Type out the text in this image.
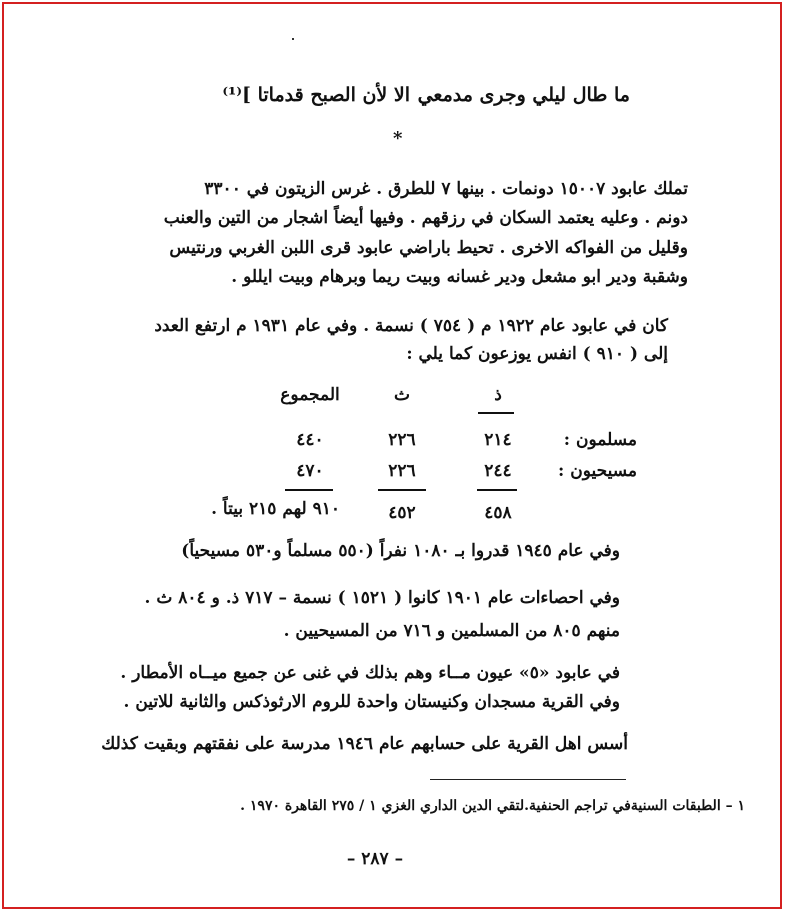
ما طال ليلي وجرى مدمعي
الا لأن الصبح قدماتا ]⁽¹⁾
*
تملك عابود ١٥٠٠٧ دونمات . بينها ٧ للطرق . غرس الزيتون في ٣٣٠٠
دونم . وعليه يعتمد السكان في رزقهم . وفيها أيضاً اشجار من التين والعنب
وقليل من الفواكه الاخرى . تحيط باراضي عابود قرى اللبن الغربي ورنتيس
وشقبة ودير ابو مشعل ودير غسانه وبيت ريما وبرهام وبيت ايللو .
كان في عابود عام ١٩٢٢ م ( ٧٥٤ ) نسمة . وفي عام ١٩٣١ م ارتفع العدد
إلى ( ٩١٠ ) انفس يوزعون كما يلي :
ذ
ث
المجموع
مسلمون :
٢١٤
٢٢٦
٤٤٠
مسيحيون :
٢٤٤
٢٢٦
٤٧٠
٤٥٨
٤٥٢
٩١٠ لهم ٢١٥ بيتاً .
وفي عام ١٩٤٥ قدروا بـ ١٠٨٠ نفراً (٥٥٠ مسلماً و٥٣٠ مسيحياً)
وفي احصاءات عام ١٩٠١ كانوا ( ١٥٢١ ) نسمة – ٧١٧ ذ. و ٨٠٤ ث .
منهم ٨٠٥ من المسلمين و ٧١٦ من المسيحيين .
في عابود «٥» عيون مــاء وهم بذلك في غنى عن جميع ميــاه الأمطار .
وفي القرية مسجدان وكنيستان واحدة للروم الارثوذكس والثانية للاتين .
أسس اهل القرية على حسابهم عام ١٩٤٦ مدرسة على نفقتهم وبقيت كذلك
١ – الطبقات السنيةفي تراجم الحنفية.لتقي الدين الداري الغزي ١ / ٢٧٥ القاهرة ١٩٧٠ .
– ٢٨٧ –
